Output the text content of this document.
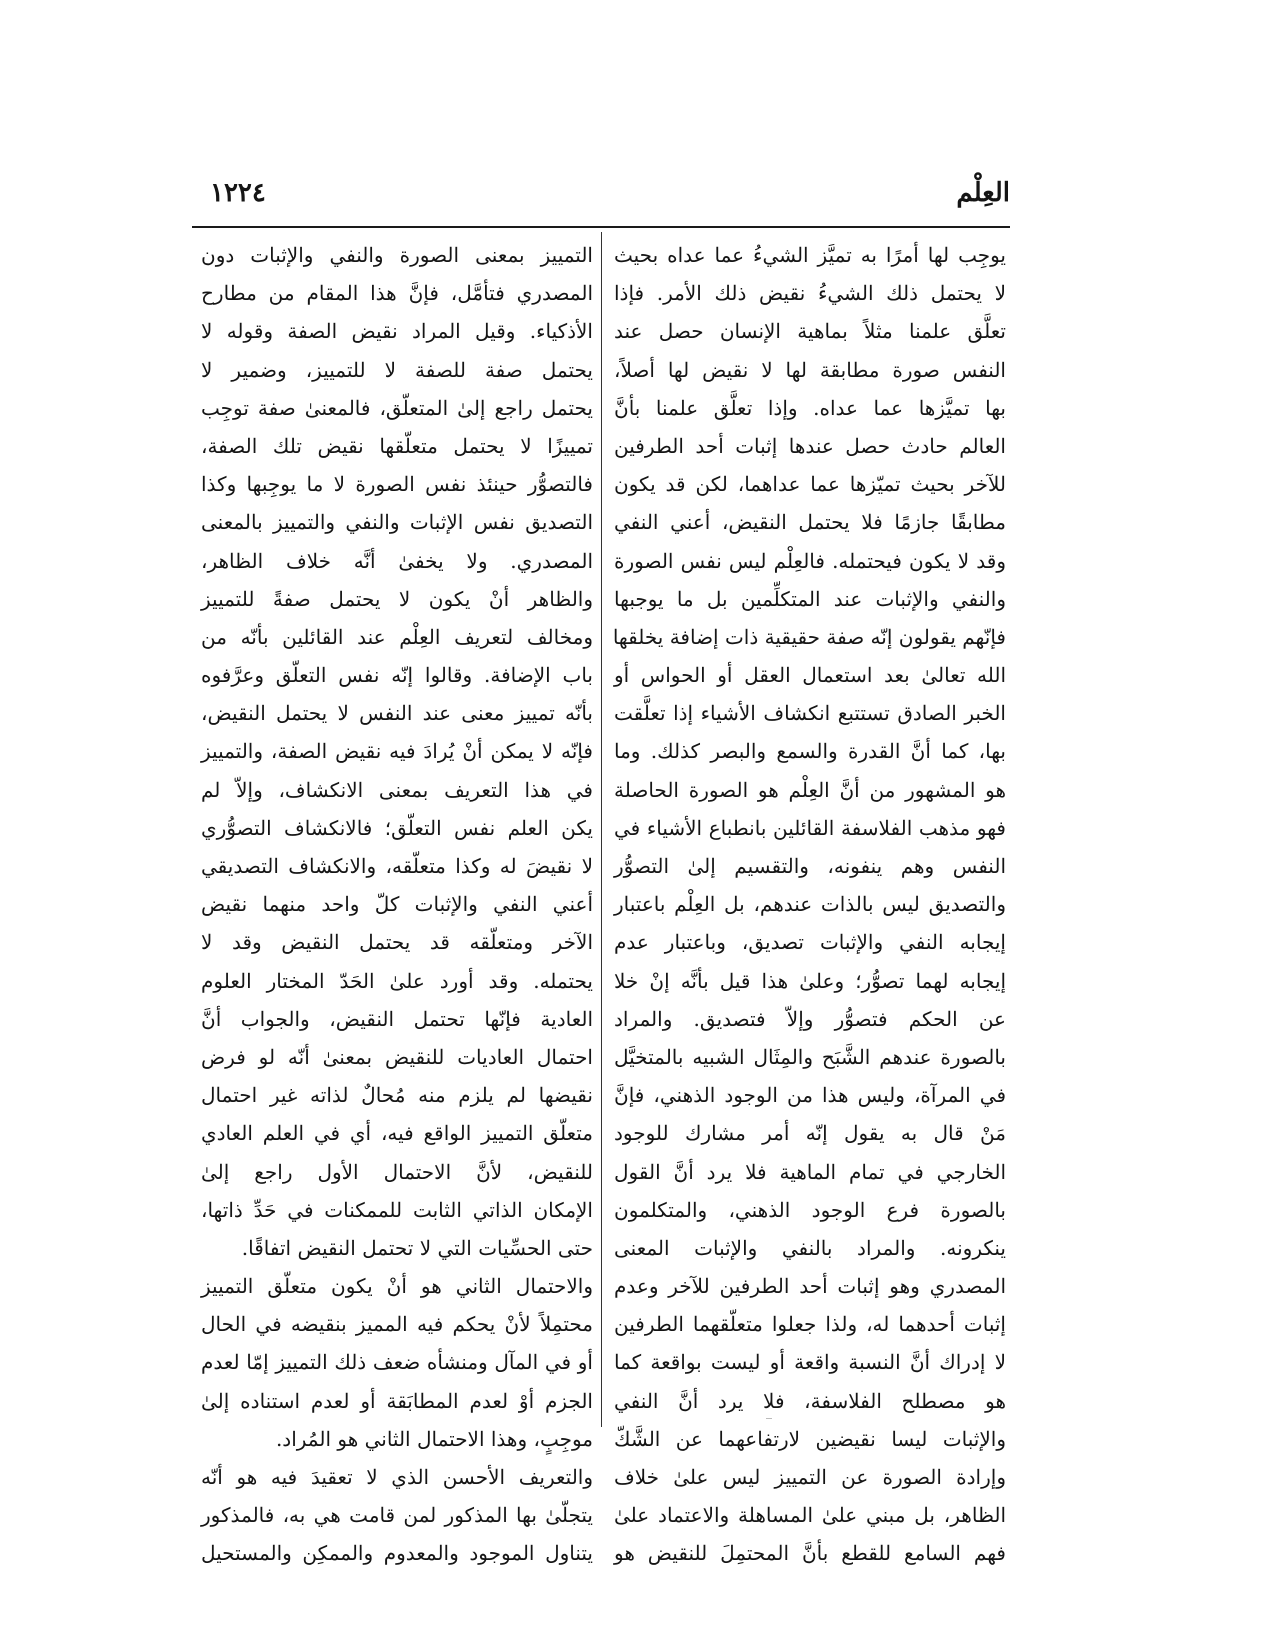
العِلْم
١٢٢٤
يوجِب لها أمرًا به تميَّز الشيءُ عما عداه بحيث
لا يحتمل ذلك الشيءُ نقيض ذلك الأمر. فإذا
تعلَّق علمنا مثلاً بماهية الإنسان حصل عند
النفس صورة مطابقة لها لا نقيض لها أصلاً،
بها تميَّزها عما عداه. وإذا تعلَّق علمنا بأنَّ
العالم حادث حصل عندها إثبات أحد الطرفين
للآخر بحيث تميّزها عما عداهما، لكن قد يكون
مطابقًا جازمًا فلا يحتمل النقيض، أعني النفي
وقد لا يكون فيحتمله. فالعِلْم ليس نفس الصورة
والنفي والإثبات عند المتكلِّمين بل ما يوجبها
فإنّهم يقولون إنّه صفة حقيقية ذات إضافة يخلقها
الله تعالىٰ بعد استعمال العقل أو الحواس أو
الخبر الصادق تستتبع انكشاف الأشياء إذا تعلَّقت
بها، كما أنَّ القدرة والسمع والبصر كذلك. وما
هو المشهور من أنَّ العِلْم هو الصورة الحاصلة
فهو مذهب الفلاسفة القائلين بانطباع الأشياء في
النفس وهم ينفونه، والتقسيم إلىٰ التصوُّر
والتصديق ليس بالذات عندهم، بل العِلْم باعتبار
إيجابه النفي والإثبات تصديق، وباعتبار عدم
إيجابه لهما تصوُّر؛ وعلىٰ هذا قيل بأنَّه إنْ خلا
عن الحكم فتصوُّر وإلاّ فتصديق. والمراد
بالصورة عندهم الشَّبَح والمِثَال الشبيه بالمتخيَّل
في المرآة، وليس هذا من الوجود الذهني، فإنَّ
مَنْ قال به يقول إنّه أمر مشارك للوجود
الخارجي في تمام الماهية فلا يرد أنَّ القول
بالصورة فرع الوجود الذهني، والمتكلمون
ينكرونه. والمراد بالنفي والإثبات المعنى
المصدري وهو إثبات أحد الطرفين للآخر وعدم
إثبات أحدهما له، ولذا جعلوا متعلّقهما الطرفين
لا إدراك أنَّ النسبة واقعة أو ليست بواقعة كما
هو مصطلح الفلاسفة، فلا يرد أنَّ النفي
والإثبات ليسا نقيضين لارتفاعهما عن الشَّكّ
وإرادة الصورة عن التمييز ليس علىٰ خلاف
الظاهر، بل مبني علىٰ المساهلة والاعتماد علىٰ
فهم السامع للقطع بأنَّ المحتمِلَ للنقيض هو
التمييز بمعنى الصورة والنفي والإثبات دون
المصدري فتأمَّل، فإنَّ هذا المقام من مطارح
الأذكياء. وقيل المراد نقيض الصفة وقوله لا
يحتمل صفة للصفة لا للتمييز، وضمير لا
يحتمل راجع إلىٰ المتعلّق، فالمعنىٰ صفة توجِب
تمييزًا لا يحتمل متعلّقها نقيض تلك الصفة،
فالتصوُّر حينئذ نفس الصورة لا ما يوجِبها وكذا
التصديق نفس الإثبات والنفي والتمييز بالمعنى
المصدري. ولا يخفىٰ أنَّه خلاف الظاهر،
والظاهر أنْ يكون لا يحتمل صفةً للتمييز
ومخالف لتعريف العِلْم عند القائلين بأنّه من
باب الإضافة. وقالوا إنّه نفس التعلّق وعرَّفوه
بأنّه تمييز معنى عند النفس لا يحتمل النقيض،
فإنّه لا يمكن أنْ يُرادَ فيه نقيض الصفة، والتمييز
في هذا التعريف بمعنى الانكشاف، وإلاّ لم
يكن العلم نفس التعلّق؛ فالانكشاف التصوُّري
لا نقيضَ له وكذا متعلّقه، والانكشاف التصديقي
أعني النفي والإثبات كلّ واحد منهما نقيض
الآخر ومتعلّقه قد يحتمل النقيض وقد لا
يحتمله. وقد أورد علىٰ الحَدّ المختار العلوم
العادية فإنّها تحتمل النقيض، والجواب أنَّ
احتمال العاديات للنقيض بمعنىٰ أنّه لو فرض
نقيضها لم يلزم منه مُحالٌ لذاته غير احتمال
متعلّق التمييز الواقع فيه، أي في العلم العادي
للنقيض، لأنَّ الاحتمال الأول راجع إلىٰ
الإمكان الذاتي الثابت للممكنات في حَدِّ ذاتها،
حتى الحسِّيات التي لا تحتمل النقيض اتفاقًا.
والاحتمال الثاني هو أنْ يكون متعلّق التمييز
محتمِلاً لأنْ يحكم فيه المميز بنقيضه في الحال
أو في المآل ومنشأه ضعف ذلك التمييز إمّا لعدم
الجزم أوْ لعدم المطابَقة أو لعدم استناده إلىٰ
موجِبٍ، وهذا الاحتمال الثاني هو المُراد.
والتعريف الأحسن الذي لا تعقيدَ فيه هو أنّه
يتجلّىٰ بها المذكور لمن قامت هي به، فالمذكور
يتناول الموجود والمعدوم والممكِن والمستحيل
